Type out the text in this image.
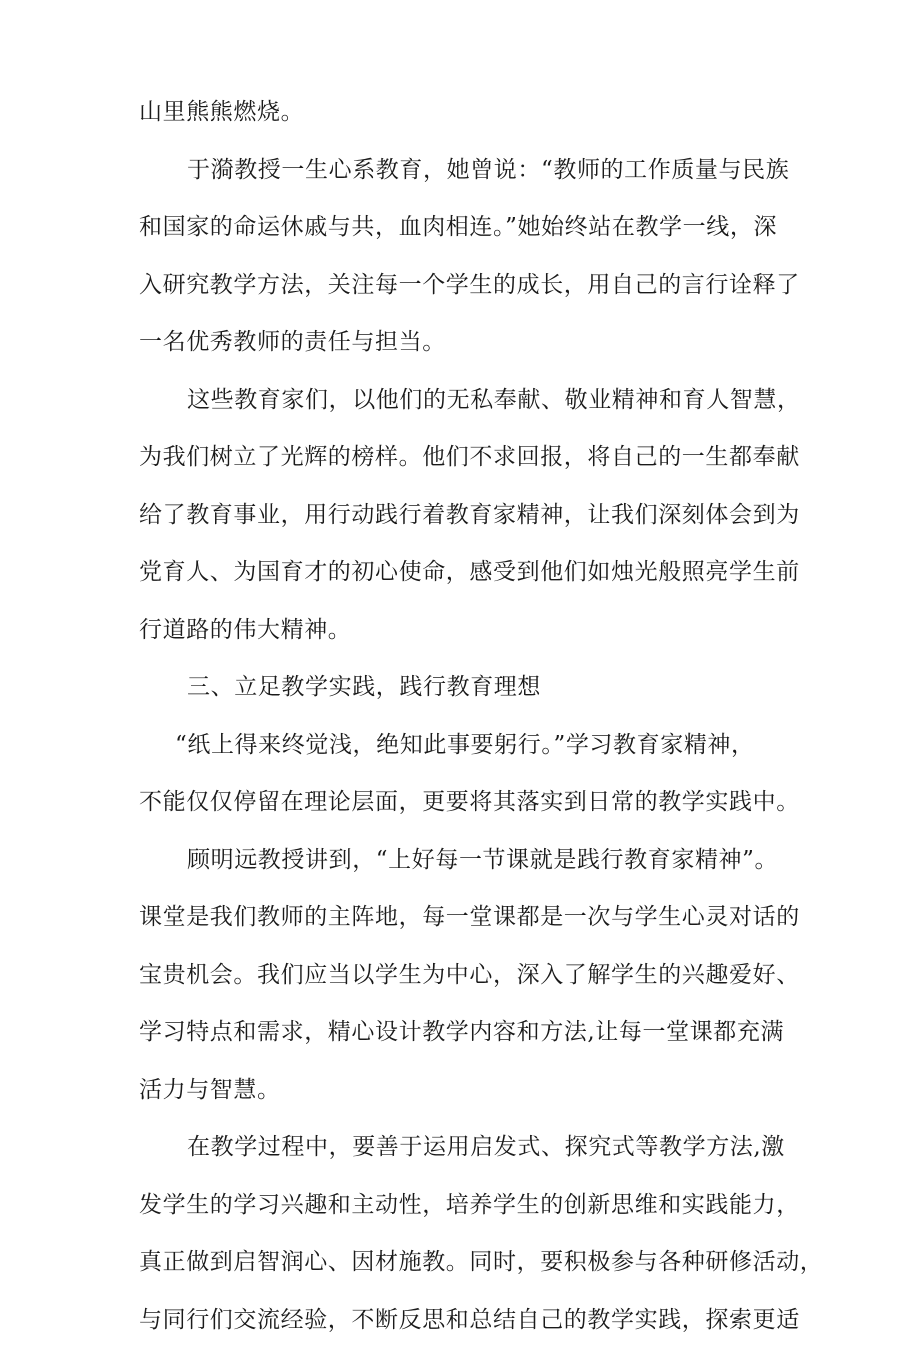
山里熊熊燃烧。
于漪教授一生心系教育，她曾说：“教师的工作质量与民族
和国家的命运休戚与共，血肉相连。”她始终站在教学一线，深
入研究教学方法，关注每一个学生的成长，用自己的言行诠释了
一名优秀教师的责任与担当。
这些教育家们，以他们的无私奉献、敬业精神和育人智慧，
为我们树立了光辉的榜样。他们不求回报，将自己的一生都奉献
给了教育事业，用行动践行着教育家精神，让我们深刻体会到为
党育人、为国育才的初心使命，感受到他们如烛光般照亮学生前
行道路的伟大精神。
三、立足教学实践，践行教育理想
“纸上得来终觉浅，绝知此事要躬行。”学习教育家精神，
不能仅仅停留在理论层面，更要将其落实到日常的教学实践中。
顾明远教授讲到，“上好每一节课就是践行教育家精神”。
课堂是我们教师的主阵地，每一堂课都是一次与学生心灵对话的
宝贵机会。我们应当以学生为中心，深入了解学生的兴趣爱好、
学习特点和需求，精心设计教学内容和方法,让每一堂课都充满
活力与智慧。
在教学过程中，要善于运用启发式、探究式等教学方法,激
发学生的学习兴趣和主动性，培养学生的创新思维和实践能力，
真正做到启智润心、因材施教。同时，要积极参与各种研修活动，
与同行们交流经验，不断反思和总结自己的教学实践，探索更适
